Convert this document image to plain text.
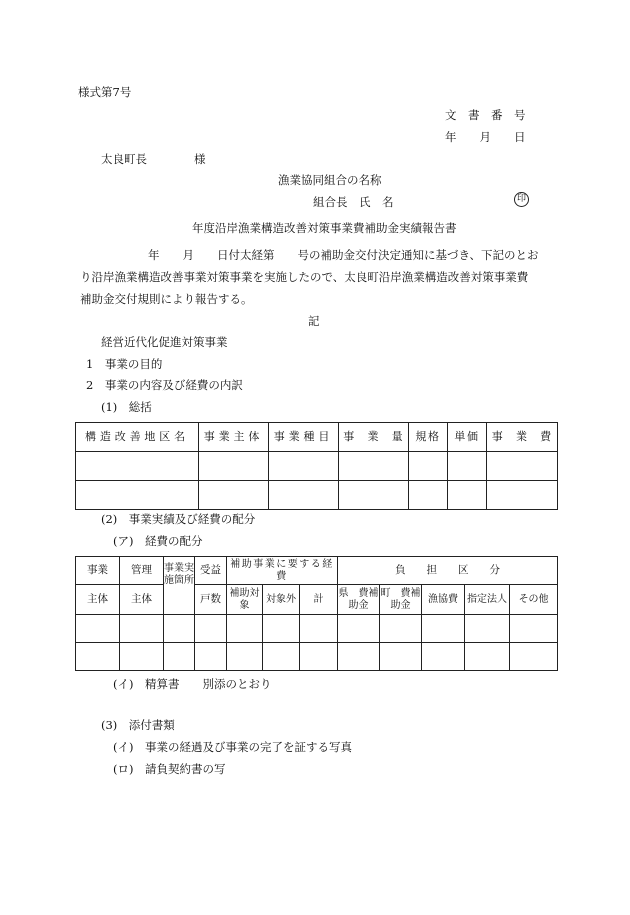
様式第7号
文　書　番　号
年　　月　　日
太良町長	様
漁業協同組合の名称
組合長　氏　名	印
年度沿岸漁業構造改善対策事業費補助金実績報告書
年　　月　　日付太経第　　号の補助金交付決定通知に基づき、下記のとお
り沿岸漁業構造改善事業対策事業を実施したので、太良町沿岸漁業構造改善対策事業費
補助金交付規則により報告する。
記
経営近代化促進対策事業
1　事業の目的
2　事業の内容及び経費の内訳
(1)　総括
構造改善地区名	事業主体	事業種目	事　業　量	規格	単価	事　業　費

(2)　事業実績及び経費の配分
(ア)　経費の配分
事業	管理	事業実施箇所	受益	補助事業に要する経費			負　　担　　区　　分				
主体	主体		戸数	補助対象	対象外	計	県　費補助金	町　費補助金	漁協費	指定法人	その他

(イ)　精算書　　別添のとおり
(3)　添付書類
(イ)　事業の経過及び事業の完了を証する写真
(ロ)　請負契約書の写
